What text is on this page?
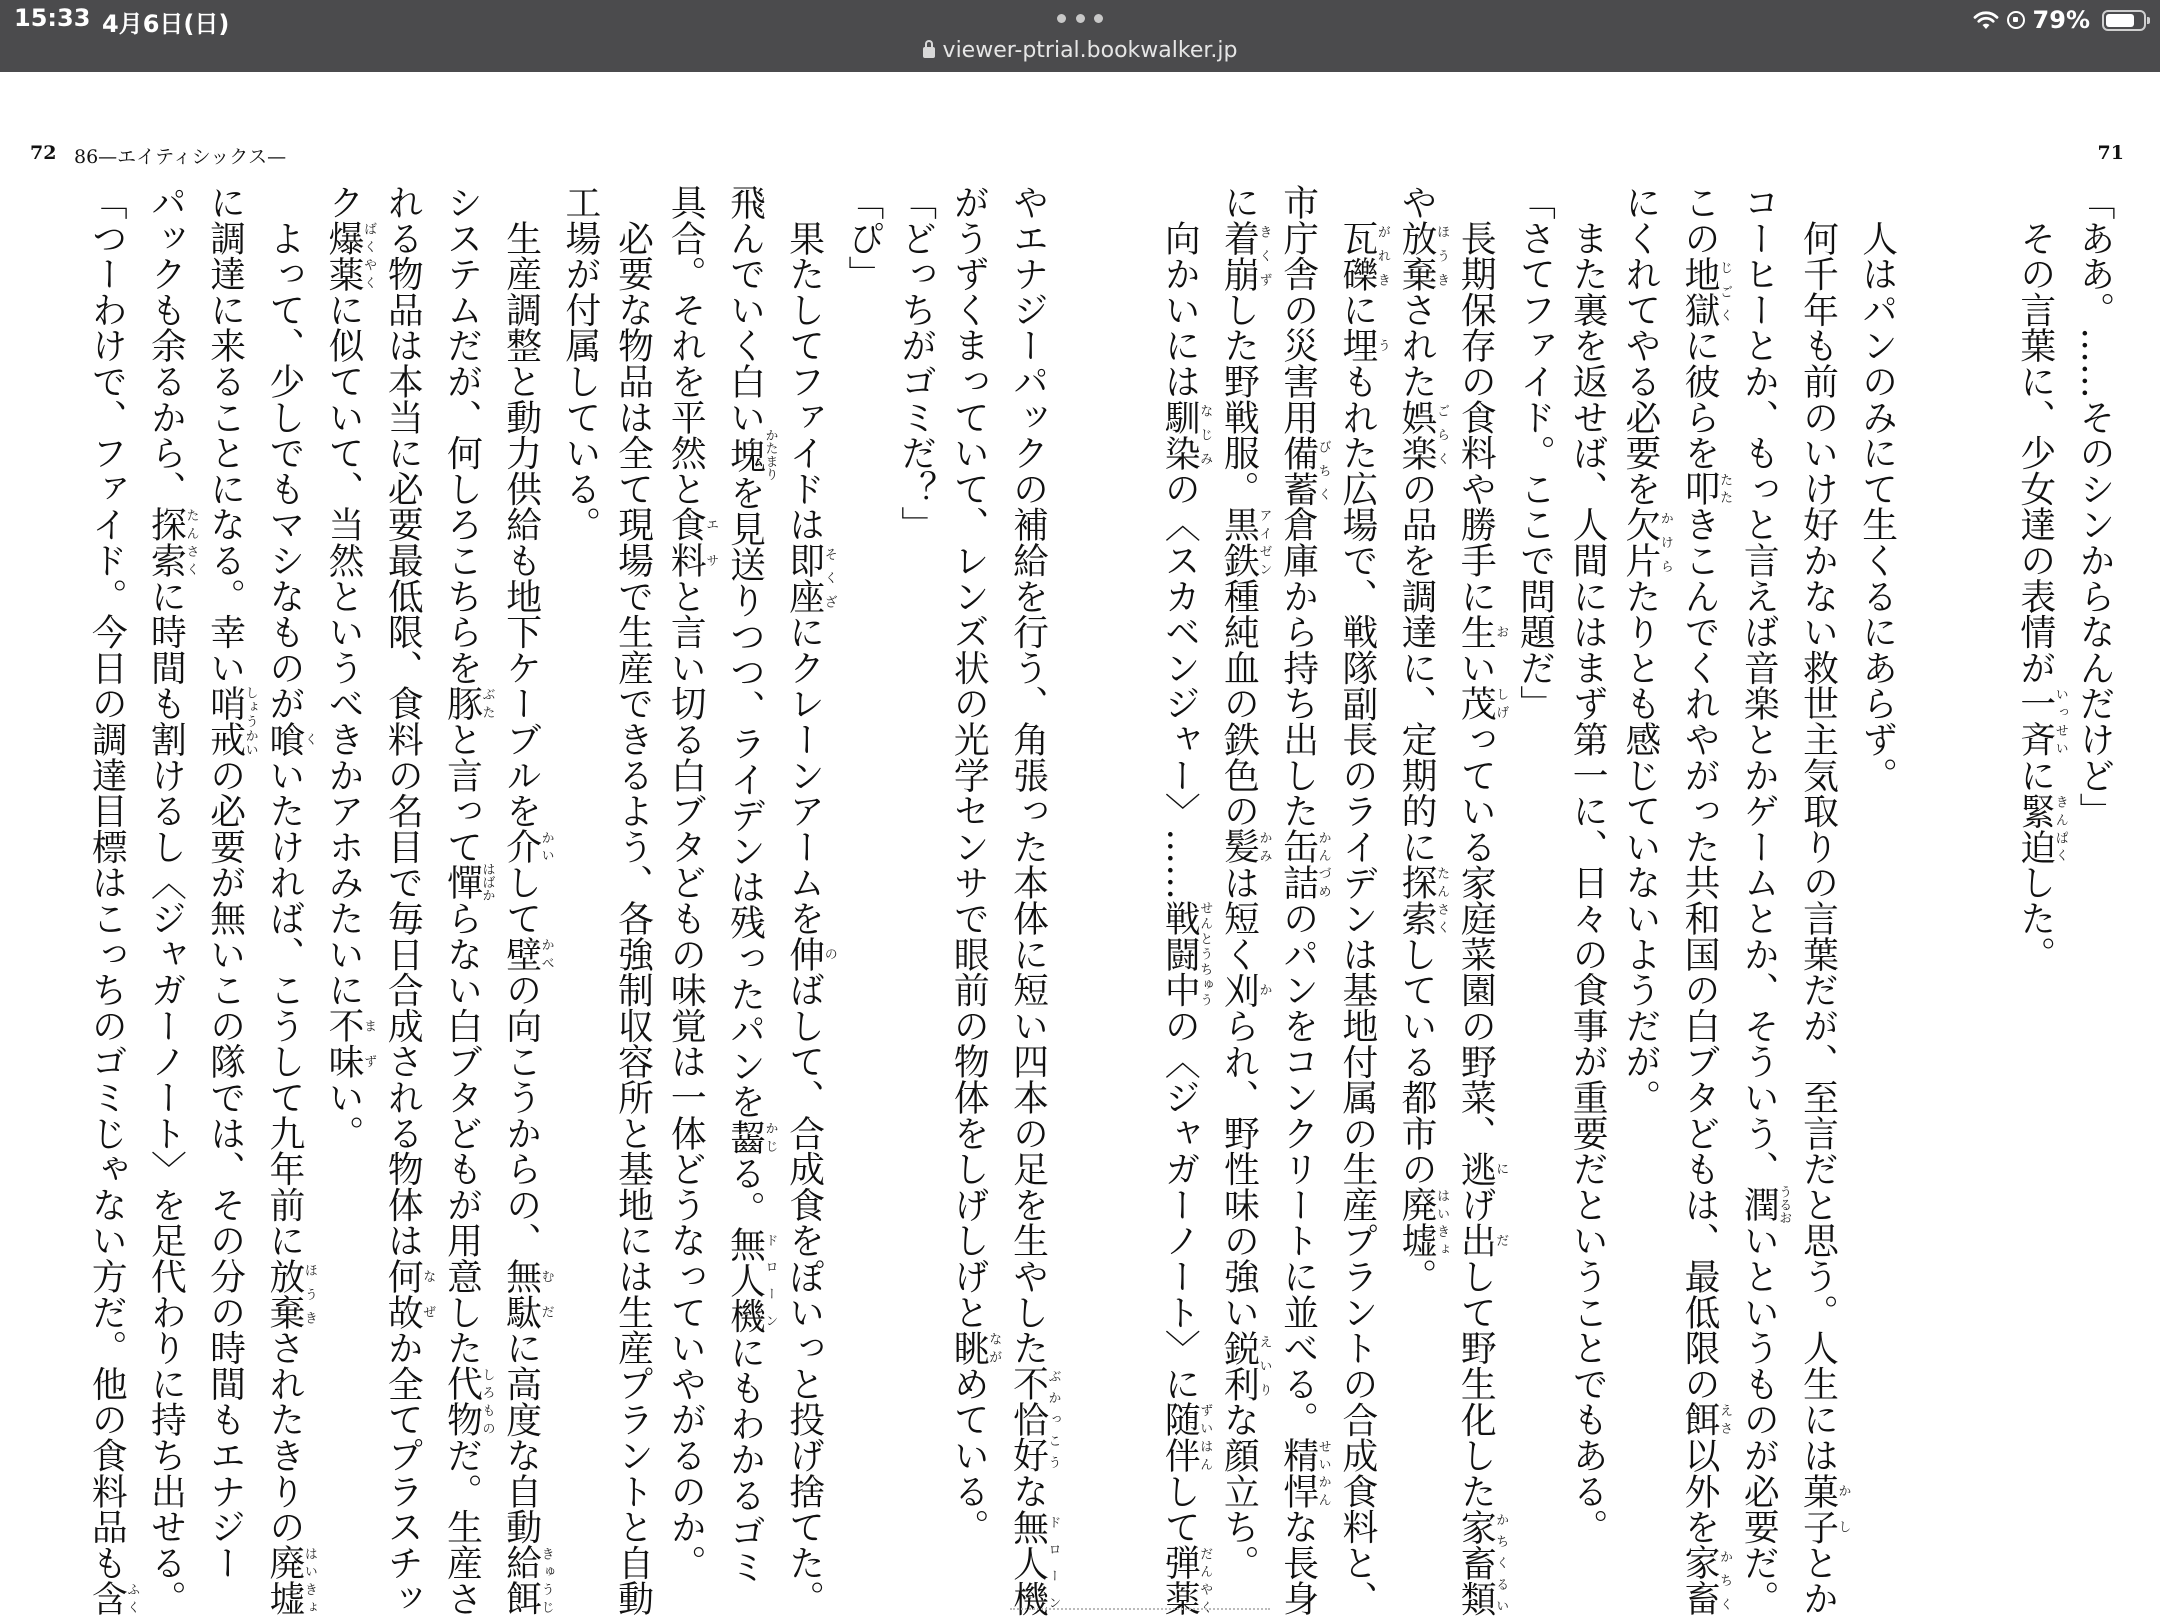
15:33 4月6日(日)
viewer-ptrial.bookwalker.jp
79%
72 86—エイティシックス—
やエナジーパックの補給を行う、角張った本体に短い四本の足を生やした不恰好ぶかっこうな無人機ドローン
がうずくまっていて、レンズ状の光学センサで眼前の物体をしげしげと眺ながめている。
「どっちがゴミだ？」
「ぴ」
　果たしてファイドは即座そくざにクレーンアームを伸のばして、合成食をぽいっと投げ捨てた。
飛んでいく白い塊かたまりを見送りつつ、ライデンは残ったパンを齧かじる。無人機ドローンにもわかるゴミ
具合。それを平然と食料エサと言い切る白ブタどもの味覚は一体どうなっていやがるのか。
　必要な物品は全て現場で生産できるよう、各強制収容所と基地には生産プラントと自動
工場が付属している。
　生産調整と動力供給も地下ケーブルを介かいして壁かべの向こうからの、無駄むだに高度な自動給餌きゅうじ
システムだが、何しろこちらを豚ぶたと言って憚はばからない白ブタどもが用意した代物しろものだ。生産さ
れる物品は本当に必要最低限、食料の名目で毎日合成される物体は何故なぜか全てプラスチッ
ク爆薬ばくやくに似ていて、当然というべきかアホみたいに不味まずい。
　よって、少しでもマシなものが喰くいたければ、こうして九年前に放棄ほうきされたきりの廃墟はいきょ
に調達に来ることになる。幸い哨戒しょうかいの必要が無いこの隊では、その分の時間もエナジー
パックも余るから、探索たんさくに時間も割けるし〈ジャガーノート〉を足代わりに持ち出せる。
「つーわけで、ファイド。今日の調達目標はこっちのゴミじゃない方だ。他の食料品も含ふく
71
「ああ。……そのシンからなんだけど」
　その言葉に、少女達の表情が一斉いっせいに緊迫きんぱくした。

　人はパンのみにて生くるにあらず。
　何千年も前のいけ好かない救世主気取りの言葉だが、至言だと思う。人生には菓子かしとか
コーヒーとか、もっと言えば音楽とかゲームとか、そういう、潤うるおいというものが必要だ。
この地獄じごくに彼らを叩たたきこんでくれやがった共和国の白ブタどもは、最低限の餌えさ以外を家畜かちく
にくれてやる必要を欠片かけらたりとも感じていないようだが。
　また裏を返せば、人間にはまず第一に、日々の食事が重要だということでもある。
「さてファイド。ここで問題だ」
　長期保存の食料や勝手に生おい茂しげっている家庭菜園の野菜、逃にげ出だして野生化した家畜類かちくるい
や放棄ほうきされた娯楽ごらくの品を調達に、定期的に探索たんさくしている都市の廃墟はいきょ。
　瓦礫がれきに埋うもれた広場で、戦隊副長のライデンは基地付属の生産プラントの合成食料と、
市庁舎の災害用備蓄びちく倉庫から持ち出した缶詰かんづめのパンをコンクリートに並べる。精悍せいかんな長身
に着崩きくずした野戦服。黒鉄アイゼン種純血の鉄色の髪かみは短く刈かられ、野性味の強い鋭利えいりな顔立ち。
　向かいには馴染なじみの〈スカベンジャー〉……戦闘中せんとうちゅうの〈ジャガーノート〉に随伴ずいはんして弾薬だんやく
